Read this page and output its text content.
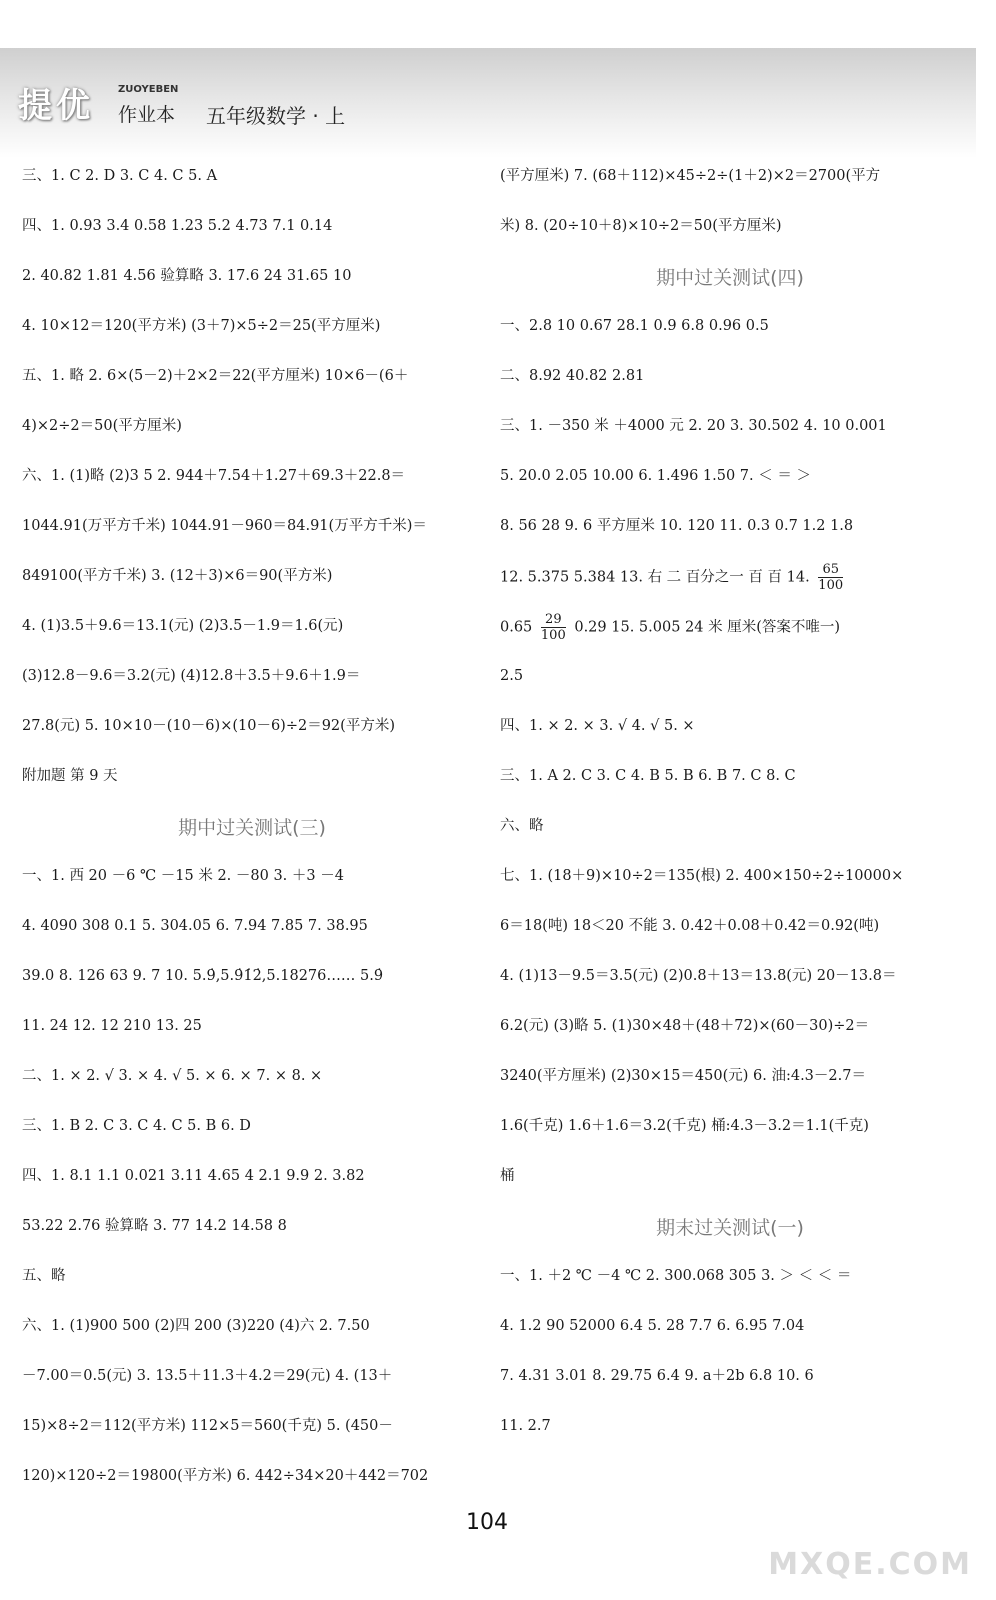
提优 ZUOYEBEN
作业本 五年级数学 · 上
三、1. C 2. D 3. C 4. C 5. A
四、1. 0.93 3.4 0.58 1.23 5.2 4.73 7.1 0.14
2. 40.82 1.81 4.56 验算略 3. 17.6 24 31.65 10
4. 10×12＝120(平方米) (3＋7)×5÷2＝25(平方厘米)
五、1. 略 2. 6×(5－2)＋2×2＝22(平方厘米) 10×6－(6＋
4)×2÷2＝50(平方厘米)
六、1. (1)略 (2)3 5 2. 944＋7.54＋1.27＋69.3＋22.8＝
1044.91(万平方千米) 1044.91－960＝84.91(万平方千米)＝
849100(平方千米) 3. (12＋3)×6＝90(平方米)
4. (1)3.5＋9.6＝13.1(元) (2)3.5－1.9＝1.6(元)
(3)12.8－9.6＝3.2(元) (4)12.8＋3.5＋9.6＋1.9＝
27.8(元) 5. 10×10－(10－6)×(10－6)÷2＝92(平方米)
附加题 第 9 天
期中过关测试(三)
一、1. 西 20 －6 ℃ －15 米 2. －80 3. ＋3 －4
4. 4090 308 0.1 5. 304.05 6. 7.94 7.85 7. 38.95
39.0 8. 126 63 9. 7 10. 5.9̇,5.9̇1̇2̇,5.18276…… 5.9̇
11. 24 12. 12 210 13. 25
二、1. × 2. √ 3. × 4. √ 5. × 6. × 7. × 8. ×
三、1. B 2. C 3. C 4. C 5. B 6. D
四、1. 8.1 1.1 0.021 3.11 4.65 4 2.1 9.9 2. 3.82
53.22 2.76 验算略 3. 77 14.2 14.58 8
五、略
六、1. (1)900 500 (2)四 200 (3)220 (4)六 2. 7.50
－7.00＝0.5(元) 3. 13.5＋11.3＋4.2＝29(元) 4. (13＋
15)×8÷2＝112(平方米) 112×5＝560(千克) 5. (450－
120)×120÷2＝19800(平方米) 6. 442÷34×20＋442＝702
(平方厘米) 7. (68＋112)×45÷2÷(1＋2)×2＝2700(平方
米) 8. (20÷10＋8)×10÷2＝50(平方厘米)
期中过关测试(四)
一、2.8 10 0.67 28.1 0.9 6.8 0.96 0.5
二、8.92 40.82 2.81
三、1. －350 米 ＋4000 元 2. 20 3. 30.502 4. 10 0.001
5. 20.0 2.05 10.00 6. 1.496 1.50 7. ＜ ＝ ＞
8. 56 28 9. 6 平方厘米 10. 120 11. 0.3 0.7 1.2 1.8
12. 5.375 5.384 13. 右 二 百分之一 百 百 14. $\frac{65}{100}$
$0.65 \frac{29}{100} 0.29$ 15. 5.005 24 米 厘米(答案不唯一)
2.5
四、1. × 2. × 3. √ 4. √ 5. ×
三、1. A 2. C 3. C 4. B 5. B 6. B 7. C 8. C
六、略
七、1. (18＋9)×10÷2＝135(根) 2. 400×150÷2÷10000×
6＝18(吨) 18＜20 不能 3. 0.42＋0.08＋0.42＝0.92(吨)
4. (1)13－9.5＝3.5(元) (2)0.8＋13＝13.8(元) 20－13.8＝
6.2(元) (3)略 5. (1)30×48＋(48＋72)×(60－30)÷2＝
3240(平方厘米) (2)30×15＝450(元) 6. 油:4.3－2.7＝
1.6(千克) 1.6＋1.6＝3.2(千克) 桶:4.3－3.2＝1.1(千克)
桶
期末过关测试(一)
一、1. ＋2 ℃ －4 ℃ 2. 300.068 305 3. ＞ ＜ ＜ ＝
4. 1.2 90 52000 6.4 5. 28 7.7 6. 6.95 7.04
7. 4.31 3.01 8. 29.75 6.4 9. a＋2b 6.8 10. 6
11. 2.7
104
MXQE.COM
